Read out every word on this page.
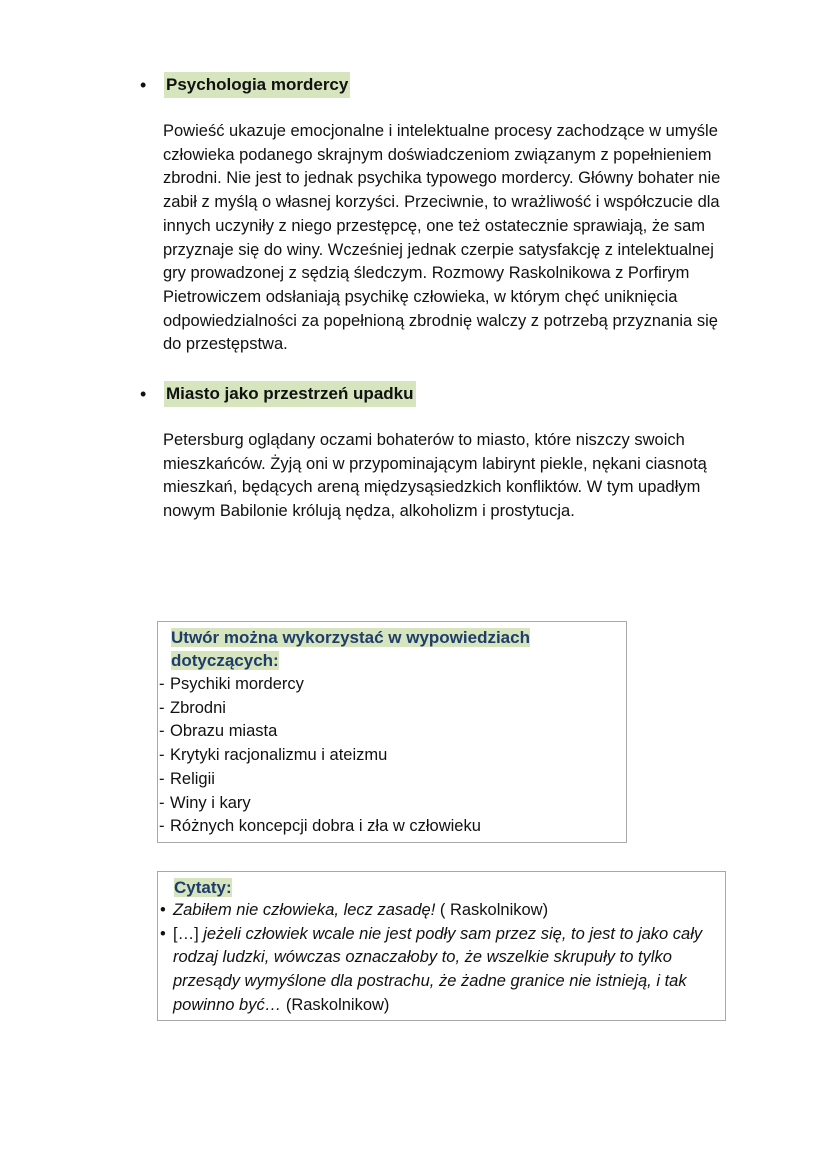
•	Psychologia mordercy

Powieść ukazuje emocjonalne i intelektualne procesy zachodzące w umyśle człowieka podanego skrajnym doświadczeniom związanym z popełnieniem zbrodni. Nie jest to jednak psychika typowego mordercy. Główny bohater nie zabił z myślą o własnej korzyści. Przeciwnie, to wrażliwość i współczucie dla innych uczyniły z niego przestępcę, one też ostatecznie sprawiają, że sam przyznaje się do winy. Wcześniej jednak czerpie satysfakcję z intelektualnej gry prowadzonej z sędzią śledczym. Rozmowy Raskolnikowa z Porfirym Pietrowiczem odsłaniają psychikę człowieka, w którym chęć uniknięcia odpowiedzialności za popełnioną zbrodnię walczy z potrzebą przyznania się do przestępstwa.

•	Miasto jako przestrzeń upadku

Petersburg oglądany oczami bohaterów to miasto, które niszczy swoich mieszkańców. Żyją oni w przypominającym labirynt piekle, nękani ciasnotą mieszkań, będących areną międzysąsiedzkich konfliktów. W tym upadłym nowym Babilonie królują nędza, alkoholizm i prostytucja.

Utwór można wykorzystać w wypowiedziach
dotyczących:
- Psychiki mordercy
- Zbrodni
- Obrazu miasta
- Krytyki racjonalizmu i ateizmu
- Religii
- Winy i kary
- Różnych koncepcji dobra i zła w człowieku
Cytaty:
• Zabiłem nie człowieka, lecz zasadę! ( Raskolnikow)
• […] jeżeli człowiek wcale nie jest podły sam przez się, to jest to jako cały rodzaj ludzki, wówczas oznaczałoby to, że wszelkie skrupuły to tylko przesądy wymyślone dla postrachu, że żadne granice nie istnieją, i tak powinno być… (Raskolnikow)
